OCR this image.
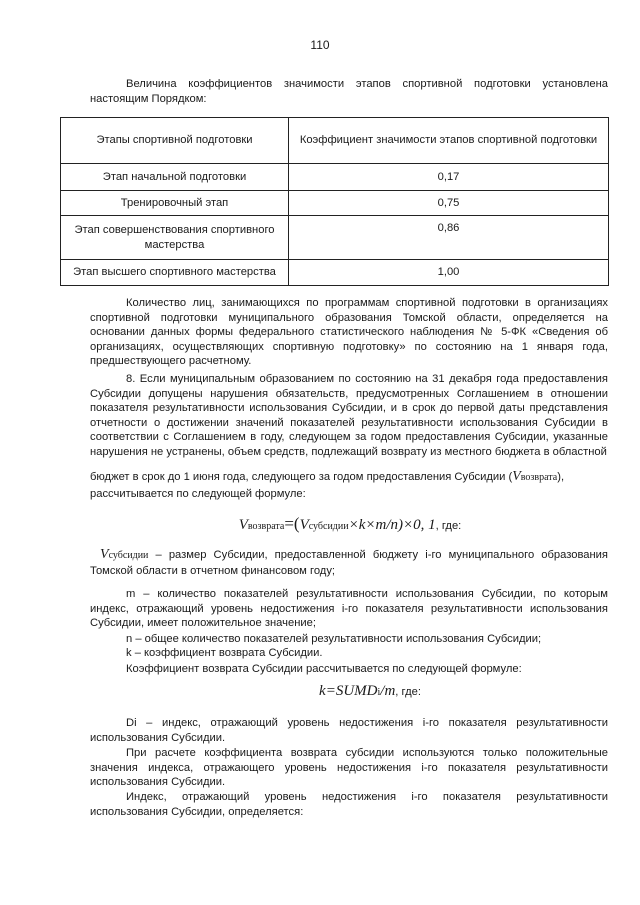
110

Величина коэффициентов значимости этапов спортивной подготовки установлена настоящим Порядком:

Этапы спортивной подготовки	Коэффициент значимости этапов спортивной подготовки
Этап начальной подготовки	0,17
Тренировочный этап	0,75
Этап совершенствования спортивного мастерства	0,86
Этап высшего спортивного мастерства	1,00

Количество лиц, занимающихся по программам спортивной подготовки в организациях спортивной подготовки муниципального образования Томской области, определяется на основании данных формы федерального статистического наблюдения № 5-ФК «Сведения об организациях, осуществляющих спортивную подготовку» по состоянию на 1 января года, предшествующего расчетному.

8. Если муниципальным образованием по состоянию на 31 декабря года предоставления Субсидии допущены нарушения обязательств, предусмотренных Соглашением в отношении показателя результативности использования Субсидии, и в срок до первой даты представления отчетности о достижении значений показателей результативности использования Субсидии в соответствии с Соглашением в году, следующем за годом предоставления Субсидии, указанные нарушения не устранены, объем средств, подлежащий возврату из местного бюджета в областной

бюджет в срок до 1 июня года, следующего за годом предоставления Субсидии (Vвозврата),

рассчитывается по следующей формуле:

Vвозврата=(Vсубсидии×k×m/n)×0, 1, где:

Vсубсидии – размер Субсидии, предоставленной бюджету i-го муниципального образования Томской области в отчетном финансовом году;

m – количество показателей результативности использования Субсидии, по которым индекс, отражающий уровень недостижения i-го показателя результативности использования Субсидии, имеет положительное значение;

n – общее количество показателей результативности использования Субсидии;

k – коэффициент возврата Субсидии.

Коэффициент возврата Субсидии рассчитывается по следующей формуле:

k=SUMDi/m, где:

Di – индекс, отражающий уровень недостижения i-го показателя результативности использования Субсидии.

При расчете коэффициента возврата субсидии используются только положительные значения индекса, отражающего уровень недостижения i-го показателя результативности использования Субсидии.

Индекс, отражающий уровень недостижения i-го показателя результативности использования Субсидии, определяется:
